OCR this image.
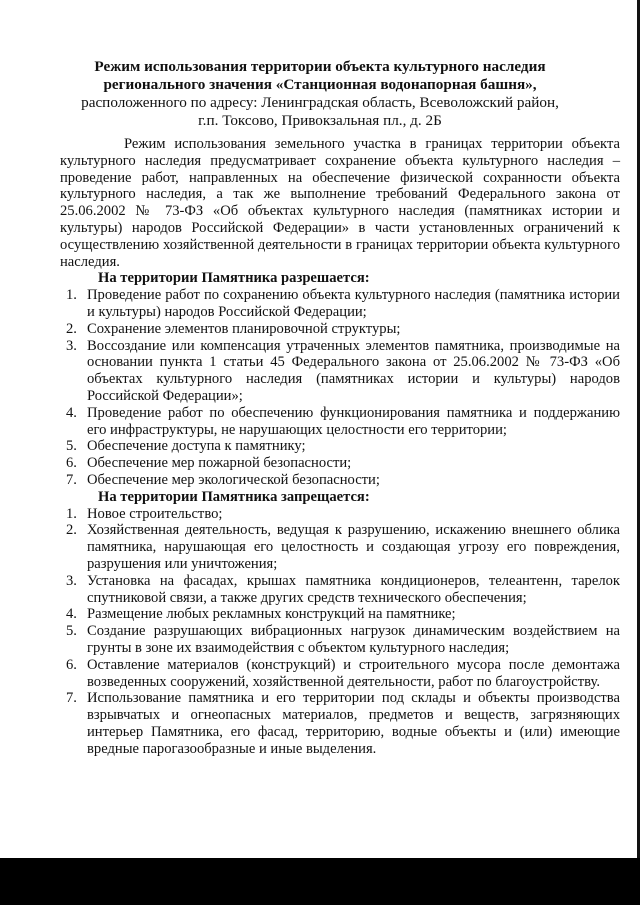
Режим использования территории объекта культурного наследия
регионального значения «Станционная водонапорная башня»,
расположенного по адресу: Ленинградская область, Всеволожский район,
г.п. Токсово, Привокзальная пл., д. 2Б

Режим использования земельного участка в границах территории объекта культурного наследия предусматривает сохранение объекта культурного наследия – проведение работ, направленных на обеспечение физической сохранности объекта культурного наследия, а так же выполнение требований Федерального закона от 25.06.2002 № 73-ФЗ «Об объектах культурного наследия (памятниках истории и культуры) народов Российской Федерации» в части установленных ограничений к осуществлению хозяйственной деятельности в границах территории объекта культурного наследия.

На территории Памятника разрешается:

1. Проведение работ по сохранению объекта культурного наследия (памятника истории и культуры) народов Российской Федерации;
2. Сохранение элементов планировочной структуры;
3. Воссоздание или компенсация утраченных элементов памятника, производимые на основании пункта 1 статьи 45 Федерального закона от 25.06.2002 № 73-ФЗ «Об объектах культурного наследия (памятниках истории и культуры) народов Российской Федерации»;
4. Проведение работ по обеспечению функционирования памятника и поддержанию его инфраструктуры, не нарушающих целостности его территории;
5. Обеспечение доступа к памятнику;
6. Обеспечение мер пожарной безопасности;
7. Обеспечение мер экологической безопасности;

На территории Памятника запрещается:

1. Новое строительство;
2. Хозяйственная деятельность, ведущая к разрушению, искажению внешнего облика памятника, нарушающая его целостность и создающая угрозу его повреждения, разрушения или уничтожения;
3. Установка на фасадах, крышах памятника кондиционеров, телеантенн, тарелок спутниковой связи, а также других средств технического обеспечения;
4. Размещение любых рекламных конструкций на памятнике;
5. Создание разрушающих вибрационных нагрузок динамическим воздействием на грунты в зоне их взаимодействия с объектом культурного наследия;
6. Оставление материалов (конструкций) и строительного мусора после демонтажа возведенных сооружений, хозяйственной деятельности, работ по благоустройству.
7. Использование памятника и его территории под склады и объекты производства взрывчатых и огнеопасных материалов, предметов и веществ, загрязняющих интерьер Памятника, его фасад, территорию, водные объекты и (или) имеющие вредные парогазообразные и иные выделения.
